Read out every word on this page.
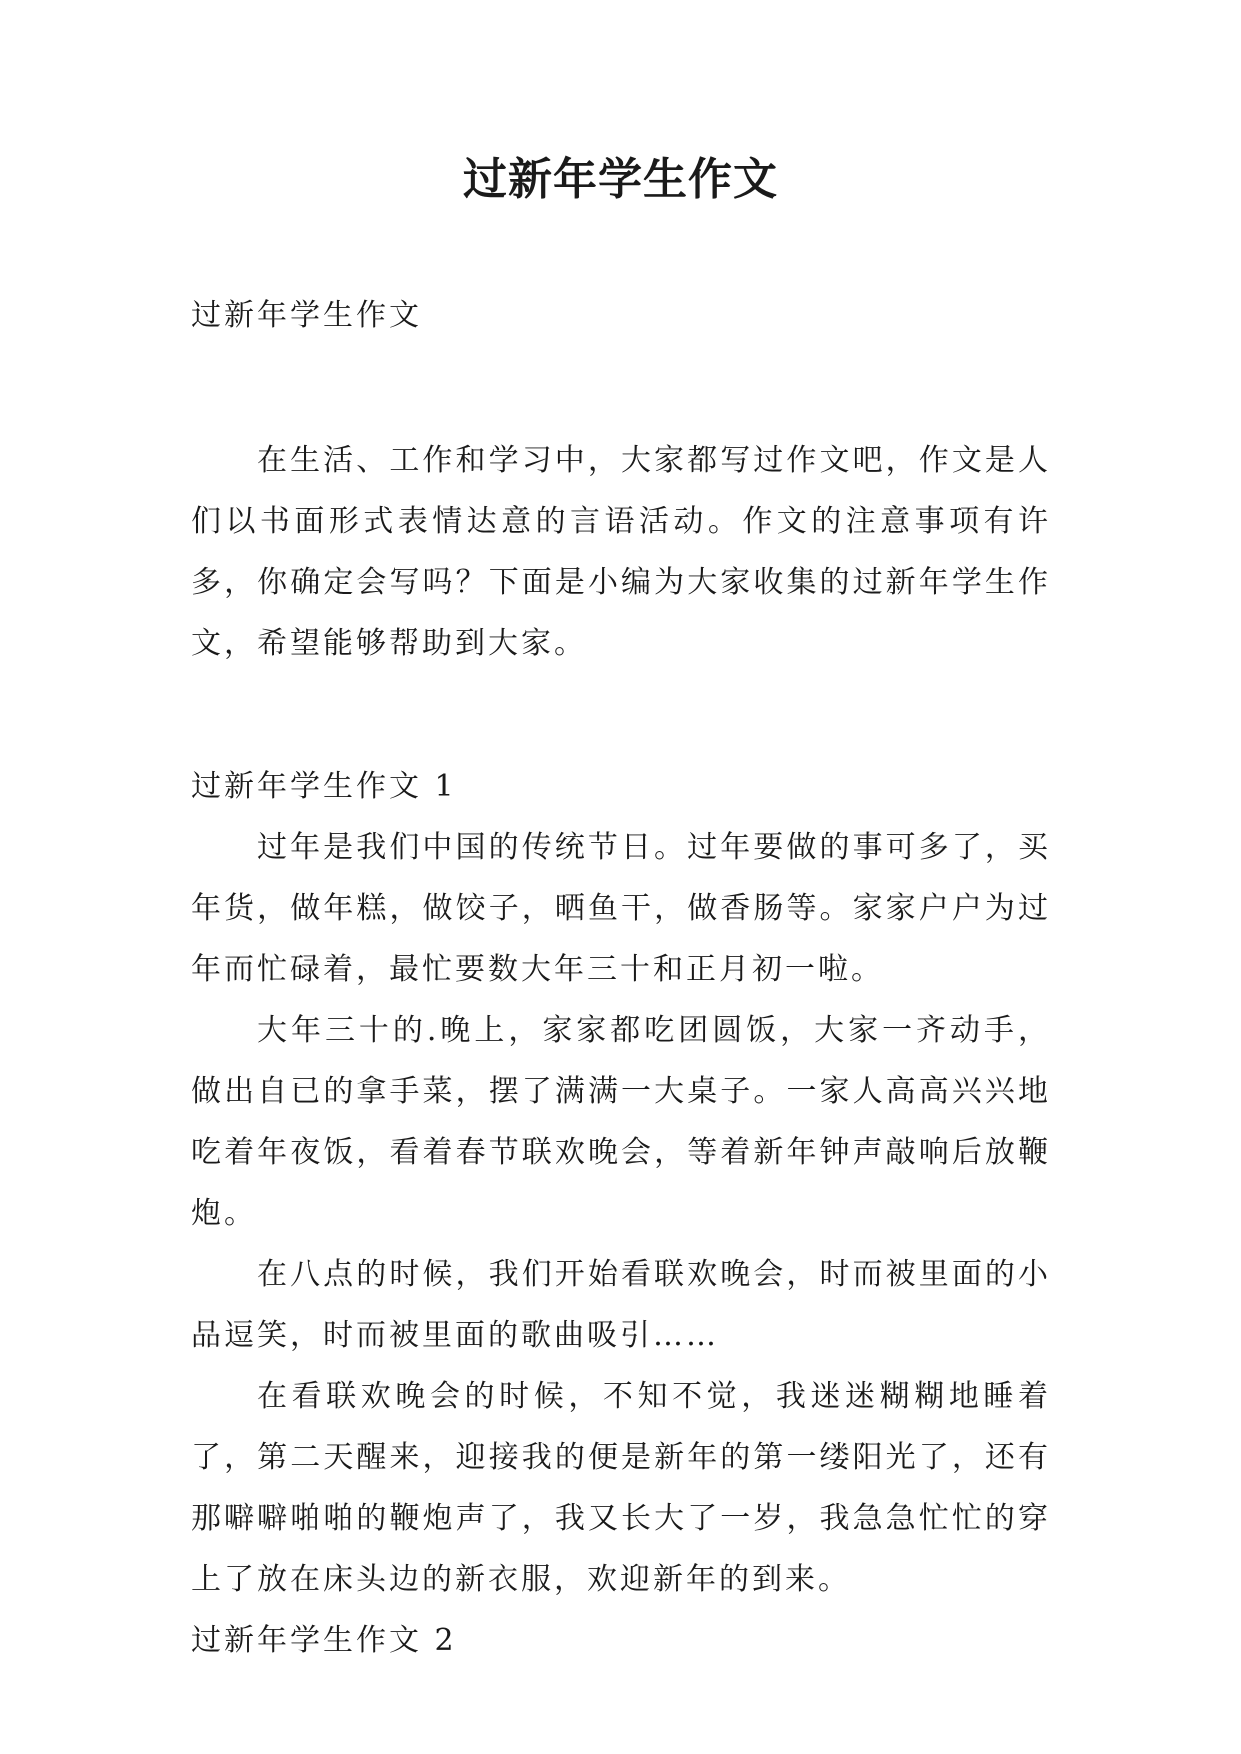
过新年学生作文

过新年学生作文

在生活、工作和学习中，大家都写过作文吧，作文是人们以书面形式表情达意的言语活动。作文的注意事项有许多，你确定会写吗？下面是小编为大家收集的过新年学生作文，希望能够帮助到大家。

过新年学生作文 1

过年是我们中国的传统节日。过年要做的事可多了，买年货，做年糕，做饺子，晒鱼干，做香肠等。家家户户为过年而忙碌着，最忙要数大年三十和正月初一啦。

大年三十的.晚上，家家都吃团圆饭，大家一齐动手，做出自已的拿手菜，摆了满满一大桌子。一家人高高兴兴地吃着年夜饭，看着春节联欢晚会，等着新年钟声敲响后放鞭炮。

在八点的时候，我们开始看联欢晚会，时而被里面的小品逗笑，时而被里面的歌曲吸引……

在看联欢晚会的时候，不知不觉，我迷迷糊糊地睡着了，第二天醒来，迎接我的便是新年的第一缕阳光了，还有那噼噼啪啪的鞭炮声了，我又长大了一岁，我急急忙忙的穿上了放在床头边的新衣服，欢迎新年的到来。

过新年学生作文 2
